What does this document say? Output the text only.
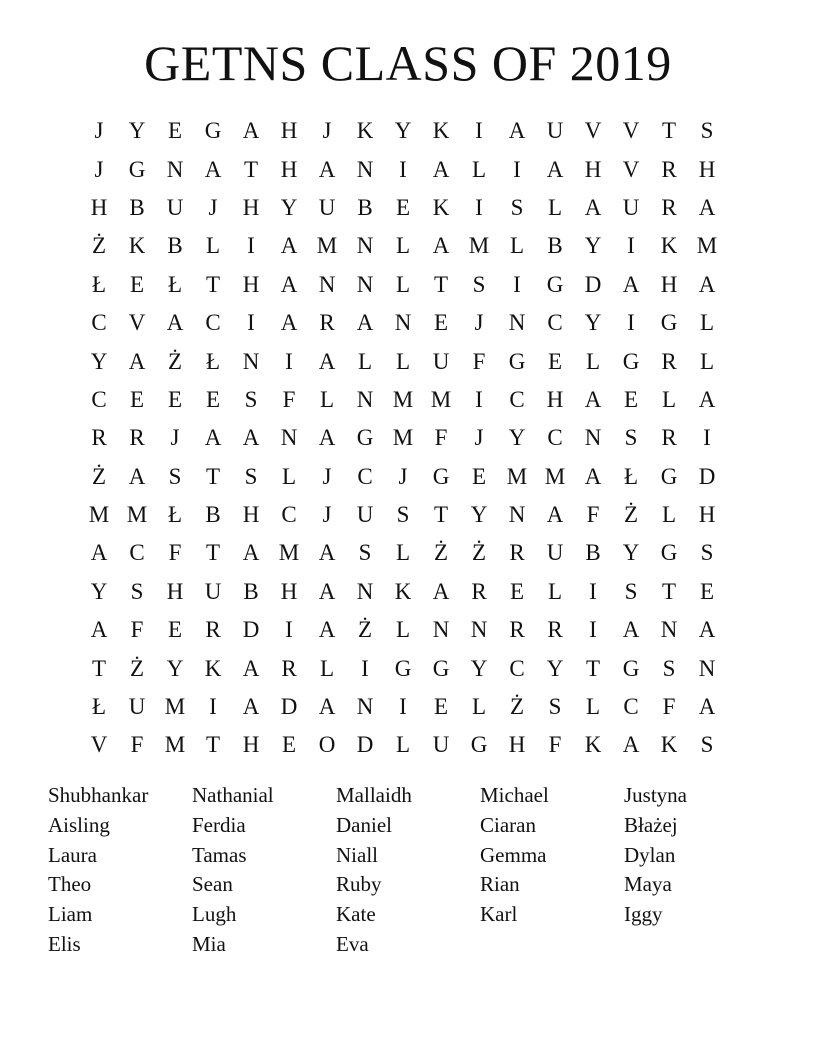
GETNS CLASS OF 2019
J	Y E G A H	J	K Y K	I	A U V V T	S
J	G N A T H A N	I	A L	I	A H V R H
H B U	J	H Y U B	E K	I	S	L A U R A
Ż K B	L	I	A M N L A M L	B Y	I	K M
Ł	E	Ł	T H A N N L	T	S	I	G D A H A
C V A C	I	A R A N E	J	N C Y	I	G L
Y A Ż	Ł N	I	A L	L U	F	G E	L G R	L
C	E	E	E	S	F	L N M M	I	C H A E	L A
R R	J	A A N A G M F	J	Y C N	S	R	I
Ż A	S	T	S	L	J	C	J	G E M M A Ł G D
M M Ł	B H C	J	U	S	T Y N A	F	Ż	L H
A C	F	T A M A	S	L	Ż	Ż	R U B Y G	S
Y	S	H U B H A N K A R	E	L	I	S	T	E
A	F	E	R D	I	A Ż	L N N R R	I	A N A
T	Ż Y K A R	L	I	G G Y C Y T G	S	N
Ł U M	I	A D A N	I	E	L	Ż	S	L	C	F	A
V	F M T H E O D L U G H	F	K A K	S
Shubhankar
Aisling
Laura
Theo
Liam
Elis
Nathanial
Ferdia
Tamas
Sean
Lugh
Mia
Mallaidh
Daniel
Niall
Ruby
Kate
Eva
Michael
Ciaran
Gemma
Rian
Karl
Justyna
Błażej
Dylan
Maya
Iggy
